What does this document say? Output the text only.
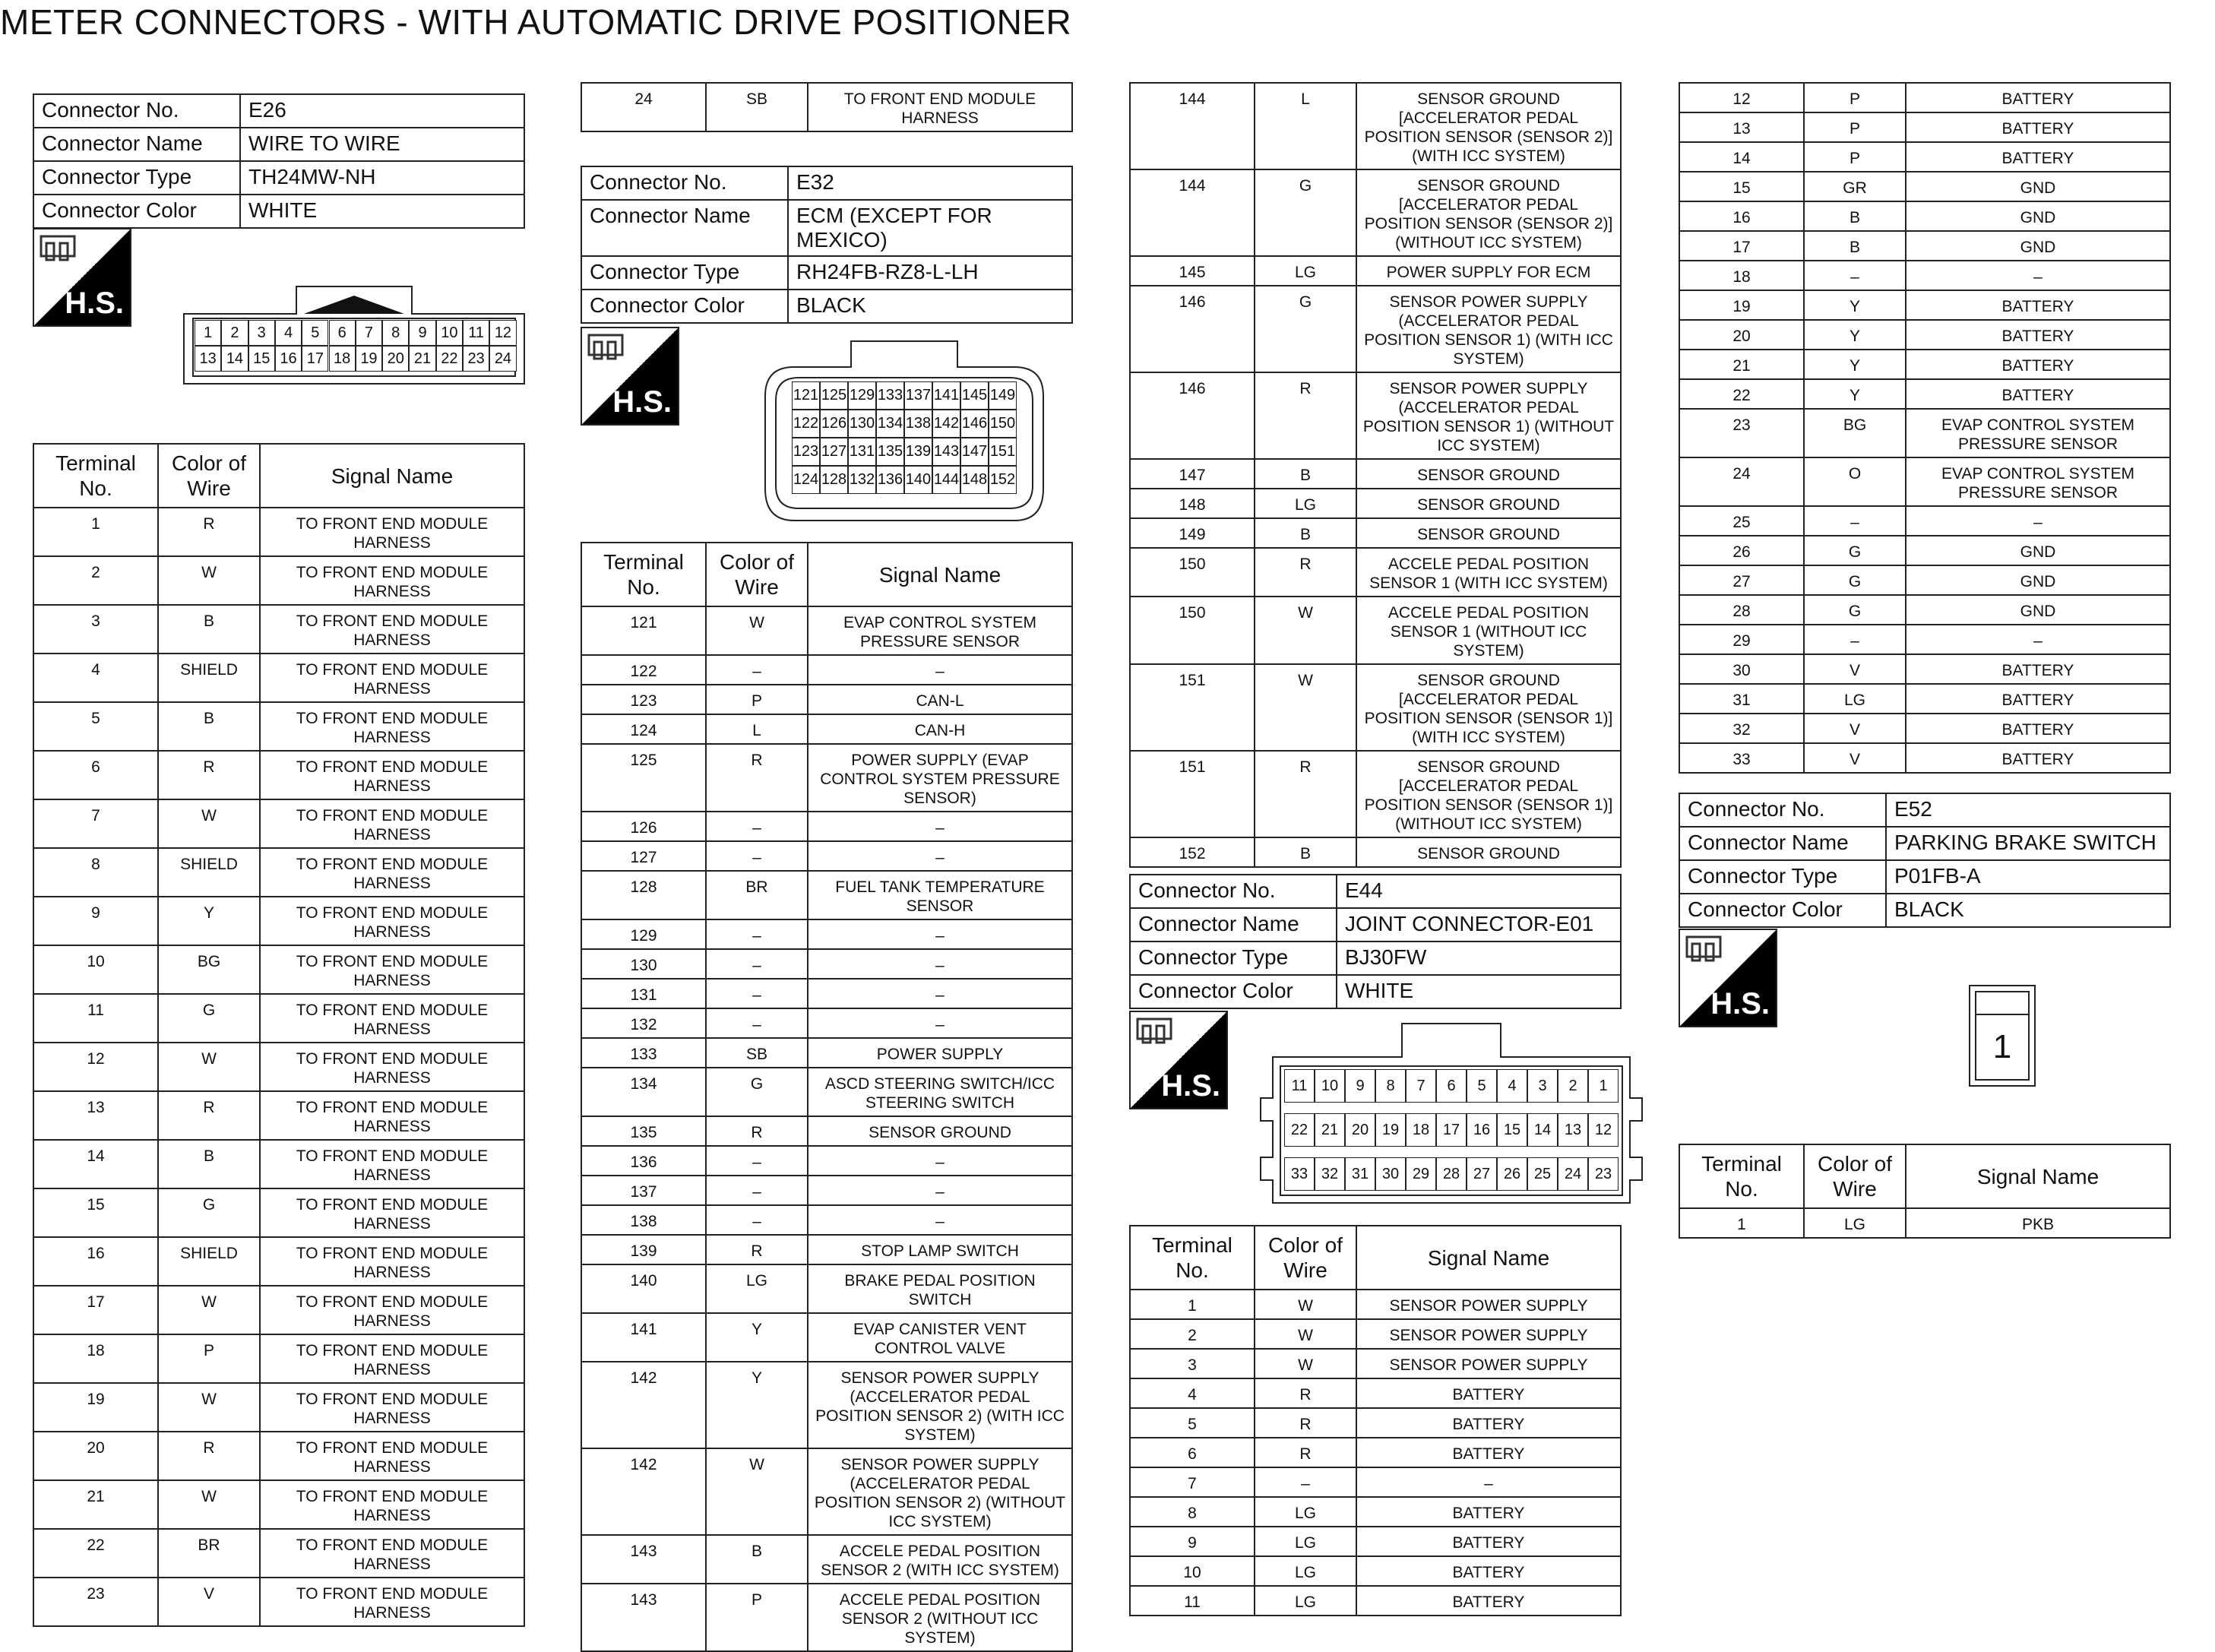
METER CONNECTORS - WITH AUTOMATIC DRIVE POSITIONER
Connector No.	E26
Connector Name	WIRE TO WIRE
Connector Type	TH24MW-NH
Connector Color	WHITE
H.S.
1	2	3	4	5	6	7	8	9 10 11 12
13 14 15 16 17 18 19 20 21 22 23 24
Terminal No.	Color of Wire	Signal Name
1	R	TO FRONT END MODULE HARNESS
2	W	TO FRONT END MODULE HARNESS
3	B	TO FRONT END MODULE HARNESS
4	SHIELD	TO FRONT END MODULE HARNESS
5	B	TO FRONT END MODULE HARNESS
6	R	TO FRONT END MODULE HARNESS
7	W	TO FRONT END MODULE HARNESS
8	SHIELD	TO FRONT END MODULE HARNESS
9	Y	TO FRONT END MODULE HARNESS
10	BG	TO FRONT END MODULE HARNESS
11	G	TO FRONT END MODULE HARNESS
12	W	TO FRONT END MODULE HARNESS
13	R	TO FRONT END MODULE HARNESS
14	B	TO FRONT END MODULE HARNESS
15	G	TO FRONT END MODULE HARNESS
16	SHIELD	TO FRONT END MODULE HARNESS
17	W	TO FRONT END MODULE HARNESS
18	P	TO FRONT END MODULE HARNESS
19	W	TO FRONT END MODULE HARNESS
20	R	TO FRONT END MODULE HARNESS
21	W	TO FRONT END MODULE HARNESS
22	BR	TO FRONT END MODULE HARNESS
23	V	TO FRONT END MODULE HARNESS
24	SB	TO FRONT END MODULE HARNESS
Connector No.	E32
Connector Name	ECM (EXCEPT FOR MEXICO)
Connector Type	RH24FB-RZ8-L-LH
Connector Color	BLACK
H.S.	121 125 129 133 137 141 145 149
122 126 130 134 138 142 146 150
123 127 131 135 139 143 147 151
124 128 132 136 140 144 148 152
Terminal No.	Color of Wire	Signal Name
121	W	EVAP CONTROL SYSTEM PRESSURE SENSOR
122	–	–
123	P	CAN-L
124	L	CAN-H
125	R	POWER SUPPLY (EVAP CONTROL SYSTEM PRESSURE SENSOR)
126	–	–
127	–	–
128	BR	FUEL TANK TEMPERATURE SENSOR
129	–	–
130	–	–
131	–	–
132	–	–
133	SB	POWER SUPPLY
134	G	ASCD STEERING SWITCH/ICC STEERING SWITCH
135	R	SENSOR GROUND
136	–	–
137	–	–
138	–	–
139	R	STOP LAMP SWITCH
140	LG	BRAKE PEDAL POSITION SWITCH
141	Y	EVAP CANISTER VENT CONTROL VALVE
142	Y	SENSOR POWER SUPPLY (ACCELERATOR PEDAL POSITION SENSOR 2) (WITH ICC SYSTEM)
142	W	SENSOR POWER SUPPLY (ACCELERATOR PEDAL POSITION SENSOR 2) (WITHOUT ICC SYSTEM)
143	B	ACCELE PEDAL POSITION SENSOR 2 (WITH ICC SYSTEM)
143	P	ACCELE PEDAL POSITION SENSOR 2 (WITHOUT ICC SYSTEM)
144	L	SENSOR GROUND [ACCELERATOR PEDAL POSITION SENSOR (SENSOR 2)] (WITH ICC SYSTEM)
144	G	SENSOR GROUND [ACCELERATOR PEDAL POSITION SENSOR (SENSOR 2)] (WITHOUT ICC SYSTEM)
145	LG	POWER SUPPLY FOR ECM
146	G	SENSOR POWER SUPPLY (ACCELERATOR PEDAL POSITION SENSOR 1) (WITH ICC SYSTEM)
146	R	SENSOR POWER SUPPLY (ACCELERATOR PEDAL POSITION SENSOR 1) (WITHOUT ICC SYSTEM)
147	B	SENSOR GROUND
148	LG	SENSOR GROUND
149	B	SENSOR GROUND
150	R	ACCELE PEDAL POSITION SENSOR 1 (WITH ICC SYSTEM)
150	W	ACCELE PEDAL POSITION SENSOR 1 (WITHOUT ICC SYSTEM)
151	W	SENSOR GROUND [ACCELERATOR PEDAL POSITION SENSOR (SENSOR 1)] (WITH ICC SYSTEM)
151	R	SENSOR GROUND [ACCELERATOR PEDAL POSITION SENSOR (SENSOR 1)] (WITHOUT ICC SYSTEM)
152	B	SENSOR GROUND
Connector No.	E44
Connector Name	JOINT CONNECTOR-E01
Connector Type	BJ30FW
Connector Color	WHITE
H.S.	11 10	9	8	7	6	5	4	3	2	1
22 21 20 19 18 17 16 15 14 13 12
33 32 31 30 29 28 27 26 25 24 23
Terminal No.	Color of Wire	Signal Name
1	W	SENSOR POWER SUPPLY
2	W	SENSOR POWER SUPPLY
3	W	SENSOR POWER SUPPLY
4	R	BATTERY
5	R	BATTERY
6	R	BATTERY
7	–	–
8	LG	BATTERY
9	LG	BATTERY
10	LG	BATTERY
11	LG	BATTERY
12	P	BATTERY
13	P	BATTERY
14	P	BATTERY
15	GR	GND
16	B	GND
17	B	GND
18	–	–
19	Y	BATTERY
20	Y	BATTERY
21	Y	BATTERY
22	Y	BATTERY
23	BG	EVAP CONTROL SYSTEM PRESSURE SENSOR
24	O	EVAP CONTROL SYSTEM PRESSURE SENSOR
25	–	–
26	G	GND
27	G	GND
28	G	GND
29	–	–
30	V	BATTERY
31	LG	BATTERY
32	V	BATTERY
33	V	BATTERY
Connector No.	E52
Connector Name	PARKING BRAKE SWITCH
Connector Type	P01FB-A
Connector Color	BLACK
H.S.
1
Terminal No.	Color of Wire	Signal Name
1	LG	PKB
